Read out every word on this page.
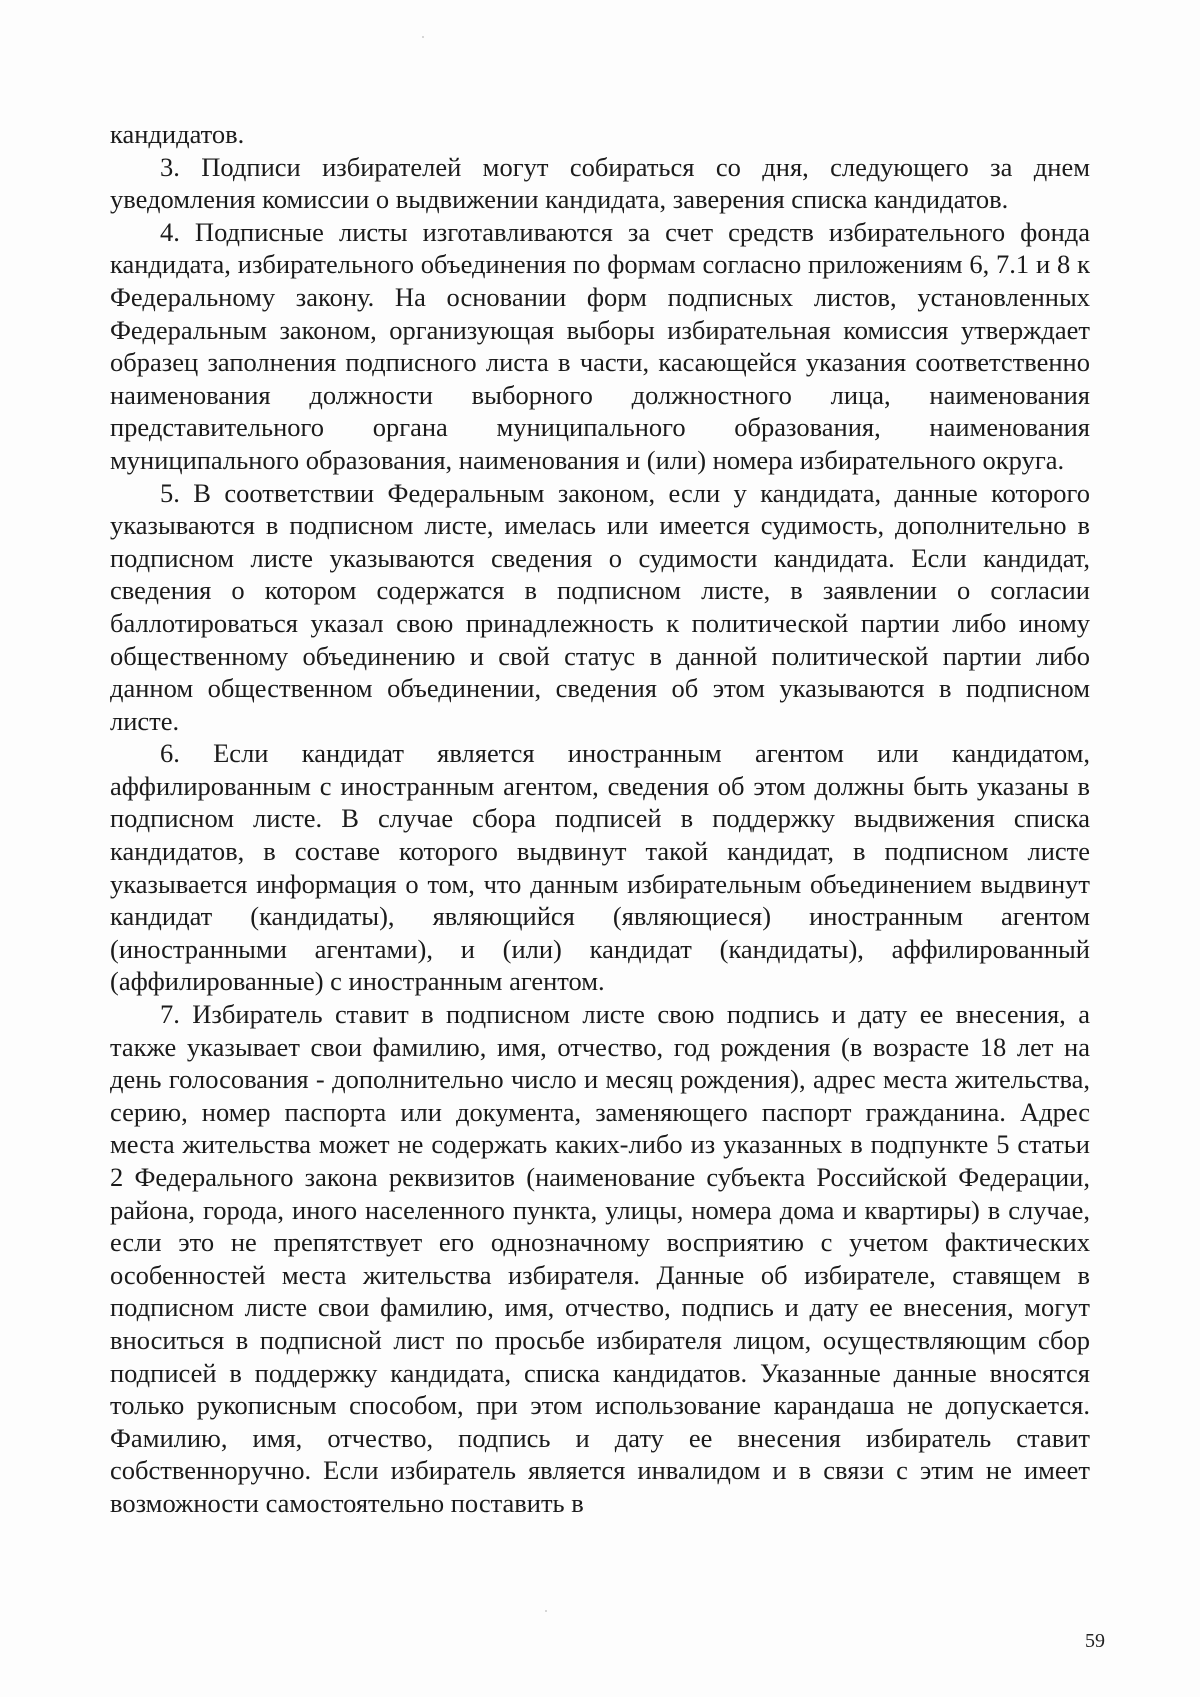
кандидатов.

3. Подписи избирателей могут собираться со дня, следующего за днем уведомления комиссии о выдвижении кандидата, заверения списка кандидатов.

4. Подписные листы изготавливаются за счет средств избирательного фонда кандидата, избирательного объединения по формам согласно приложениям 6, 7.1 и 8 к Федеральному закону. На основании форм подписных листов, установленных Федеральным законом, организующая выборы избирательная комиссия утверждает образец заполнения подписного листа в части, касающейся указания соответственно наименования должности выборного должностного лица, наименования представительного органа муниципального образования, наименования муниципального образования, наименования и (или) номера избирательного округа.

5. В соответствии Федеральным законом, если у кандидата, данные которого указываются в подписном листе, имелась или имеется судимость, дополнительно в подписном листе указываются сведения о судимости кандидата. Если кандидат, сведения о котором содержатся в подписном листе, в заявлении о согласии баллотироваться указал свою принадлежность к политической партии либо иному общественному объединению и свой статус в данной политической партии либо данном общественном объединении, сведения об этом указываются в подписном листе.

6. Если кандидат является иностранным агентом или кандидатом, аффилированным с иностранным агентом, сведения об этом должны быть указаны в подписном листе. В случае сбора подписей в поддержку выдвижения списка кандидатов, в составе которого выдвинут такой кандидат, в подписном листе указывается информация о том, что данным избирательным объединением выдвинут кандидат (кандидаты), являющийся (являющиеся) иностранным агентом (иностранными агентами), и (или) кандидат (кандидаты), аффилированный (аффилированные) с иностранным агентом.

7. Избиратель ставит в подписном листе свою подпись и дату ее внесения, а также указывает свои фамилию, имя, отчество, год рождения (в возрасте 18 лет на день голосования - дополнительно число и месяц рождения), адрес места жительства, серию, номер паспорта или документа, заменяющего паспорт гражданина. Адрес места жительства может не содержать каких-либо из указанных в подпункте 5 статьи 2 Федерального закона реквизитов (наименование субъекта Российской Федерации, района, города, иного населенного пункта, улицы, номера дома и квартиры) в случае, если это не препятствует его однозначному восприятию с учетом фактических особенностей места жительства избирателя. Данные об избирателе, ставящем в подписном листе свои фамилию, имя, отчество, подпись и дату ее внесения, могут вноситься в подписной лист по просьбе избирателя лицом, осуществляющим сбор подписей в поддержку кандидата, списка кандидатов. Указанные данные вносятся только рукописным способом, при этом использование карандаша не допускается. Фамилию, имя, отчество, подпись и дату ее внесения избиратель ставит собственноручно. Если избиратель является инвалидом и в связи с этим не имеет возможности самостоятельно поставить в

59
